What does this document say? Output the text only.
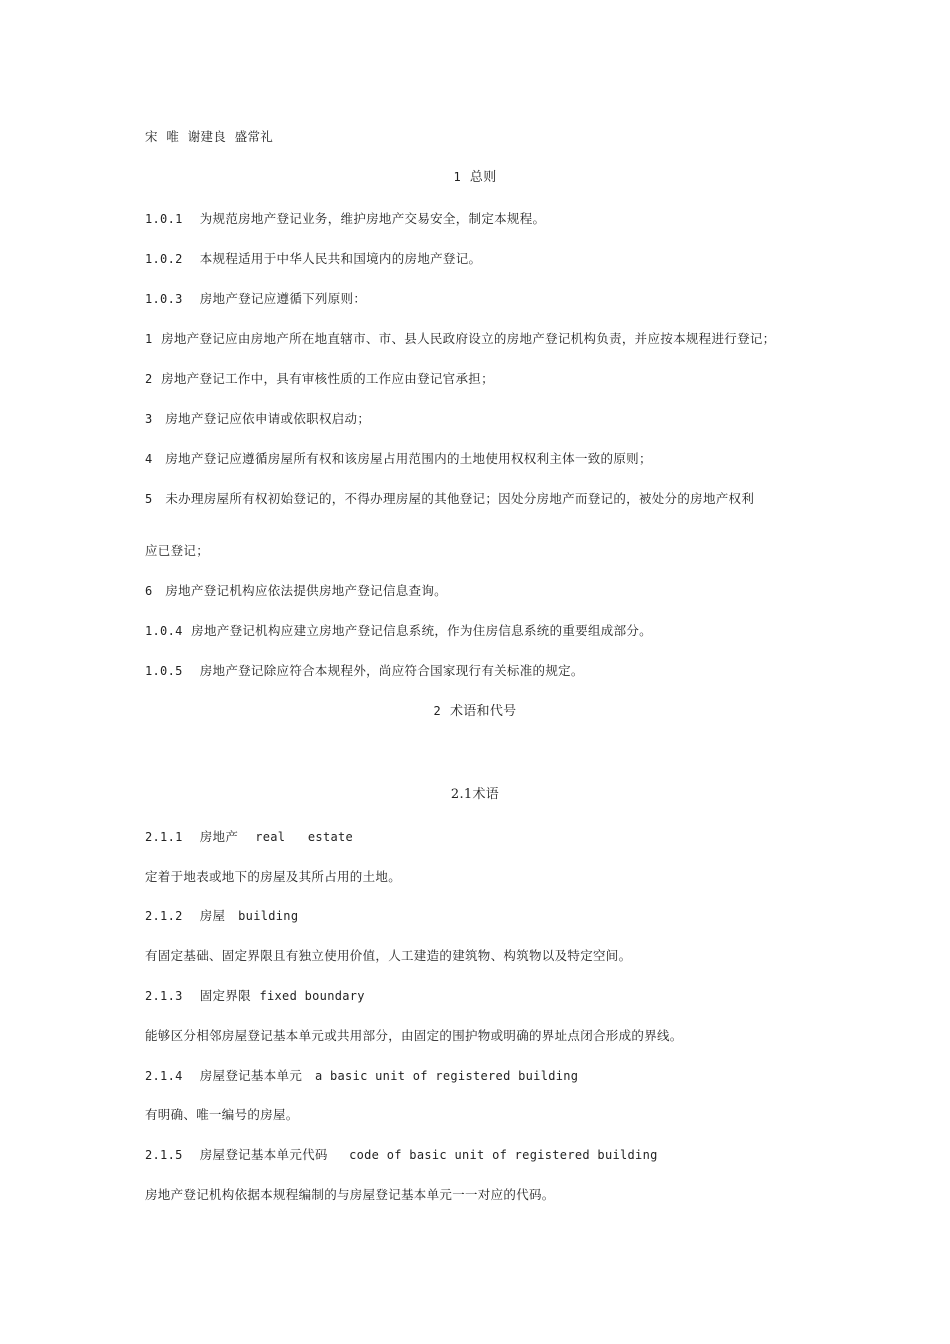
宋  唯  谢建良  盛常礼
1 总则
1.0.1 为规范房地产登记业务，维护房地产交易安全，制定本规程。
1.0.2 本规程适用于中华人民共和国境内的房地产登记。
1.0.3 房地产登记应遵循下列原则：
1 房地产登记应由房地产所在地直辖市、市、县人民政府设立的房地产登记机构负责，并应按本规程进行登记；
2 房地产登记工作中，具有审核性质的工作应由登记官承担；
3 房地产登记应依申请或依职权启动；
4 房地产登记应遵循房屋所有权和该房屋占用范围内的土地使用权权利主体一致的原则；
5 未办理房屋所有权初始登记的，不得办理房屋的其他登记；因处分房地产而登记的，被处分的房地产权利
应已登记；
6 房地产登记机构应依法提供房地产登记信息查询。
1.0.4 房地产登记机构应建立房地产登记信息系统，作为住房信息系统的重要组成部分。
1.0.5 房地产登记除应符合本规程外，尚应符合国家现行有关标准的规定。
2 术语和代号
2.1术语
2.1.1 房地产 real   estate
定着于地表或地下的房屋及其所占用的土地。
2.1.2 房屋 building
有固定基础、固定界限且有独立使用价值，人工建造的建筑物、构筑物以及特定空间。
2.1.3 固定界限 fixed boundary
能够区分相邻房屋登记基本单元或共用部分，由固定的围护物或明确的界址点闭合形成的界线。
2.1.4 房屋登记基本单元 a basic unit of registered building
有明确、唯一编号的房屋。
2.1.5 房屋登记基本单元代码 code of basic unit of registered building
房地产登记机构依据本规程编制的与房屋登记基本单元一一对应的代码。
